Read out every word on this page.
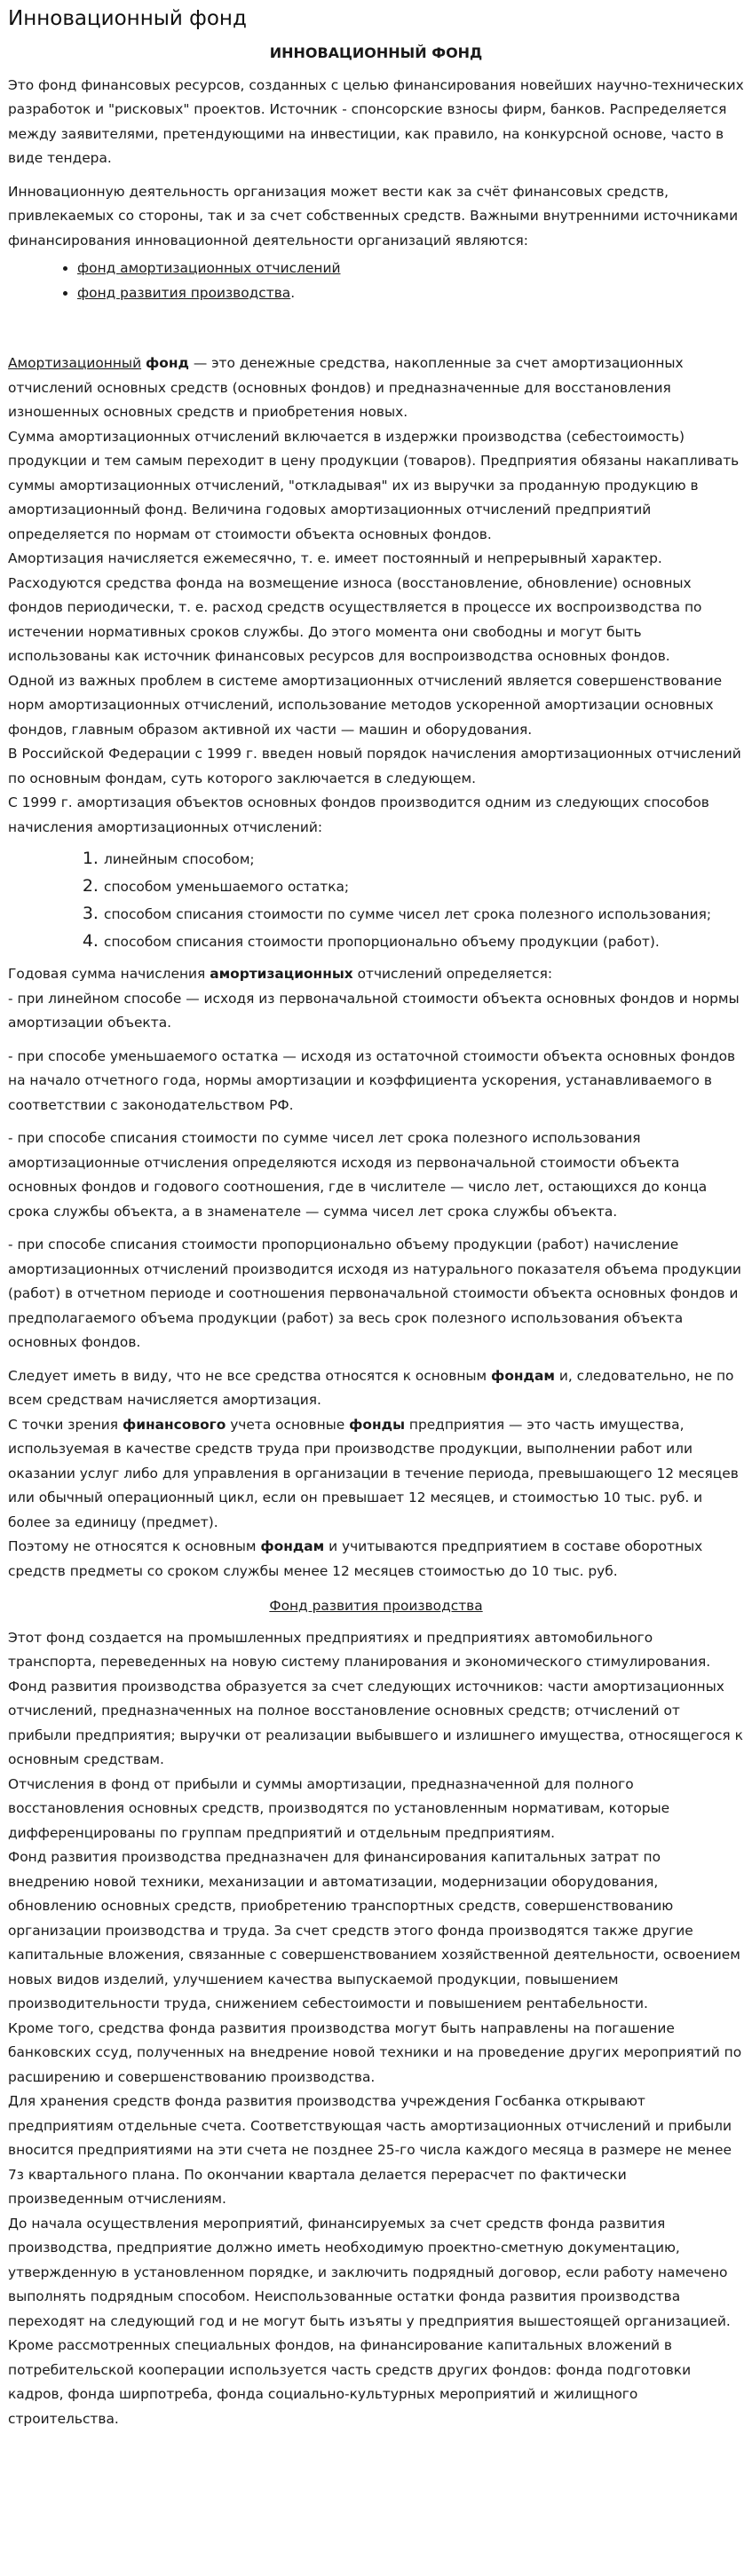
Инновационный фонд
ИННОВАЦИОННЫЙ ФОНД

Это фонд финансовых ресурсов, созданных с целью финансирования новейших научно-технических разработок и "рисковых" проектов. Источник - спонсорские взносы фирм, банков. Распределяется между заявителями, претендующими на инвестиции, как правило, на конкурсной основе, часто в виде тендера.

Инновационную деятельность организация может вести как за счёт финансовых средств, привлекаемых со стороны, так и за счет собственных средств. Важными внутренними источниками финансирования инновационной деятельности организаций являются:

• фонд амортизационных отчислений
• фонд развития производства.

Амортизационный фонд — это денежные средства, накопленные за счет амортизационных отчислений основных средств (основных фондов) и предназначенные для восстановления изношенных основных средств и приобретения новых.

Сумма амортизационных отчислений включается в издержки производства (себестоимость) продукции и тем самым переходит в цену продукции (товаров). Предприятия обязаны накапливать суммы амортизационных отчислений, "откладывая" их из выручки за проданную продукцию в амортизационный фонд. Величина годовых амортизационных отчислений предприятий определяется по нормам от стоимости объекта основных фондов.

Амортизация начисляется ежемесячно, т. е. имеет постоянный и непрерывный характер. Расходуются средства фонда на возмещение износа (восстановление, обновление) основных фондов периодически, т. е. расход средств осуществляется в процессе их воспроизводства по истечении нормативных сроков службы. До этого момента они свободны и могут быть использованы как источник финансовых ресурсов для воспроизводства основных фондов.

Одной из важных проблем в системе амортизационных отчислений является совершенствование норм амортизационных отчислений, использование методов ускоренной амортизации основных фондов, главным образом активной их части — машин и оборудования.

В Российской Федерации с 1999 г. введен новый порядок начисления амортизационных отчислений по основным фондам, суть которого заключается в следующем.

С 1999 г. амортизация объектов основных фондов производится одним из следующих способов начисления амортизационных отчислений:

1. линейным способом;
2. способом уменьшаемого остатка;
3. способом списания стоимости по сумме чисел лет срока полезного использования;
4. способом списания стоимости пропорционально объему продукции (работ).

Годовая сумма начисления амортизационных отчислений определяется:

- при линейном способе — исходя из первоначальной стоимости объекта основных фондов и нормы амортизации объекта.

- при способе уменьшаемого остатка — исходя из остаточной стоимости объекта основных фондов на начало отчетного года, нормы амортизации и коэффициента ускорения, устанавливаемого в соответствии с законодательством РФ.

- при способе списания стоимости по сумме чисел лет срока полезного использования амортизационные отчисления определяются исходя из первоначальной стоимости объекта основных фондов и годового соотношения, где в числителе — число лет, остающихся до конца срока службы объекта, а в знаменателе — сумма чисел лет срока службы объекта.

- при способе списания стоимости пропорционально объему продукции (работ) начисление амортизационных отчислений производится исходя из натурального показателя объема продукции (работ) в отчетном периоде и соотношения первоначальной стоимости объекта основных фондов и предполагаемого объема продукции (работ) за весь срок полезного использования объекта основных фондов.

Следует иметь в виду, что не все средства относятся к основным фондам и, следовательно, не по всем средствам начисляется амортизация.

С точки зрения финансового учета основные фонды предприятия — это часть имущества, используемая в качестве средств труда при производстве продукции, выполнении работ или оказании услуг либо для управления в организации в течение периода, превышающего 12 месяцев или обычный операционный цикл, если он превышает 12 месяцев, и стоимостью 10 тыс. руб. и более за единицу (предмет).

Поэтому не относятся к основным фондам и учитываются предприятием в составе оборотных средств предметы со сроком службы менее 12 месяцев стоимостью до 10 тыс. руб.

Фонд развития производства

Этот фонд создается на промышленных предприятиях и предприятиях автомобильного транспорта, переведенных на новую систему планирования и экономического стимулирования.

Фонд развития производства образуется за счет следующих источников: части амортизационных отчислений, предназначенных на полное восстановление основных средств; отчислений от прибыли предприятия; выручки от реализации выбывшего и излишнего имущества, относящегося к основным средствам.

Отчисления в фонд от прибыли и суммы амортизации, предназначенной для полного восстановления основных средств, производятся по установленным нормативам, которые дифференцированы по группам предприятий и отдельным предприятиям.

Фонд развития производства предназначен для финансирования капитальных затрат по внедрению новой техники, механизации и автоматизации, модернизации оборудования, обновлению основных средств, приобретению транспортных средств, совершенствованию организации производства и труда. За счет средств этого фонда производятся также другие капитальные вложения, связанные с совершенствованием хозяйственной деятельности, освоением новых видов изделий, улучшением качества выпускаемой продукции, повышением производительности труда, снижением себестоимости и повышением рентабельности.

Кроме того, средства фонда развития производства могут быть направлены на погашение банковских ссуд, полученных на внедрение новой техники и на проведение других мероприятий по расширению и совершенствованию производства.

Для хранения средств фонда развития производства учреждения Госбанка открывают предприятиям отдельные счета. Соответствующая часть амортизационных отчислений и прибыли вносится предприятиями на эти счета не позднее 25-го числа каждого месяца в размере не менее 7з квартального плана. По окончании квартала делается перерасчет по фактически произведенным отчислениям.

До начала осуществления мероприятий, финансируемых за счет средств фонда развития производства, предприятие должно иметь необходимую проектно-сметную документацию, утвержденную в установленном порядке, и заключить подрядный договор, если работу намечено выполнять подрядным способом. Неиспользованные остатки фонда развития производства переходят на следующий год и не могут быть изъяты у предприятия вышестоящей организацией.

Кроме рассмотренных специальных фондов, на финансирование капитальных вложений в потребительской кооперации используется часть средств других фондов: фонда подготовки кадров, фонда ширпотреба, фонда социально-культурных мероприятий и жилищного строительства.
